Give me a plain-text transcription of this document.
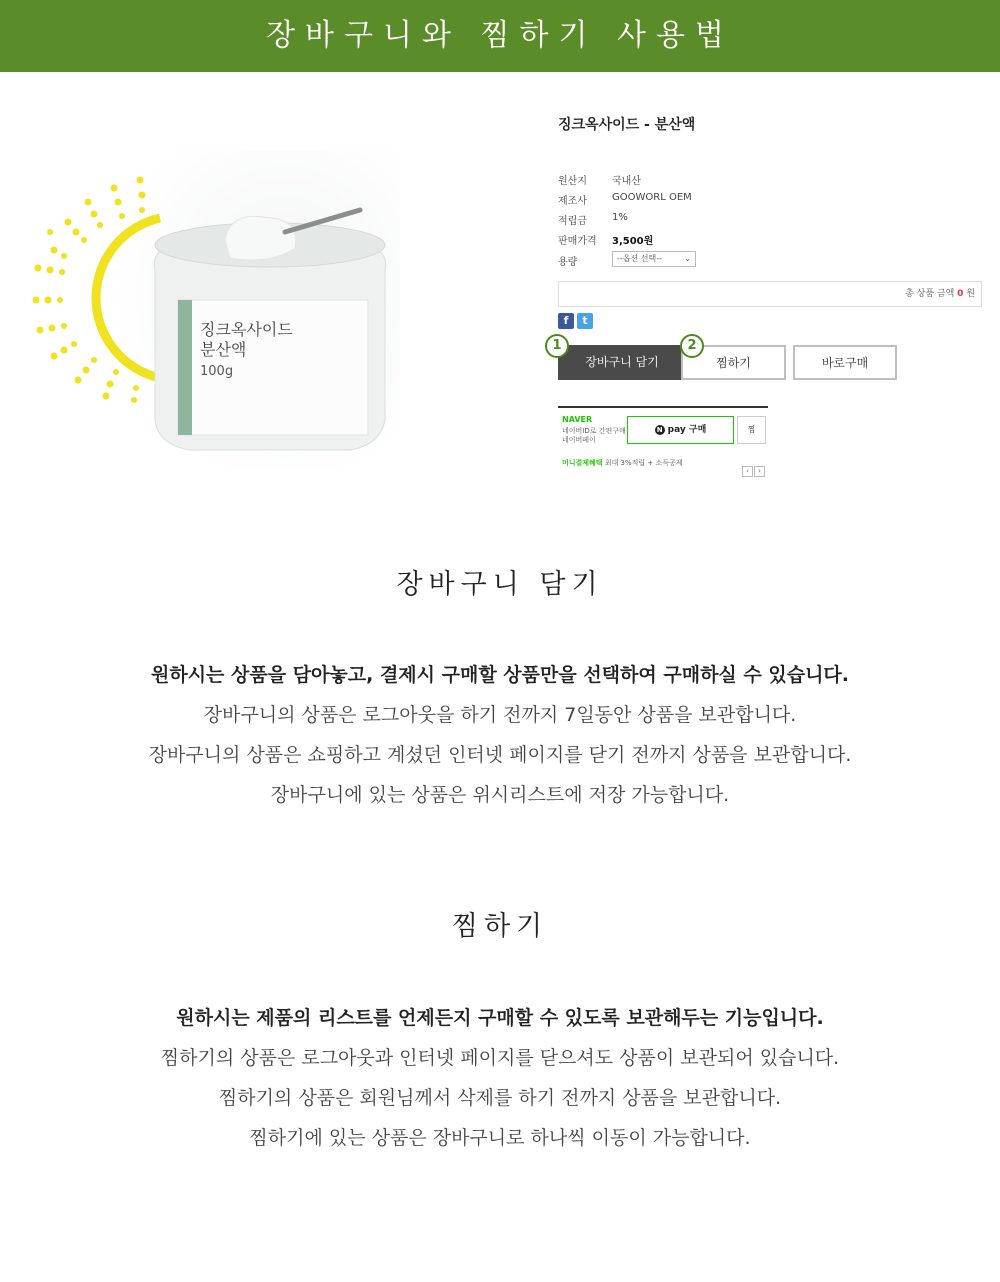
장바구니와 찜하기 사용법
징크옥사이드
분산액
100g
징크옥사이드 - 분산액
원산지	국내산
제조사	GOOWORL OEM
적립금	1%
판매가격	3,500원
용량	--옵션 선택--	⌄
총 상품 금액 0 원
f	t
장바구니 담기	찜하기	바로구매
1	2
NAVER
네이버ID로 간편구매
네이버페이
N pay 구매	찜
머니결제혜택 최대 3%적립 + 소득공제
‹ ›
장바구니 담기
원하시는 상품을 담아놓고, 결제시 구매할 상품만을 선택하여 구매하실 수 있습니다.
장바구니의 상품은 로그아웃을 하기 전까지 7일동안 상품을 보관합니다.
장바구니의 상품은 쇼핑하고 계셨던 인터넷 페이지를 닫기 전까지 상품을 보관합니다.
장바구니에 있는 상품은 위시리스트에 저장 가능합니다.
찜하기
원하시는 제품의 리스트를 언제든지 구매할 수 있도록 보관해두는 기능입니다.
찜하기의 상품은 로그아웃과 인터넷 페이지를 닫으셔도 상품이 보관되어 있습니다.
찜하기의 상품은 회원님께서 삭제를 하기 전까지 상품을 보관합니다.
찜하기에 있는 상품은 장바구니로 하나씩 이동이 가능합니다.
